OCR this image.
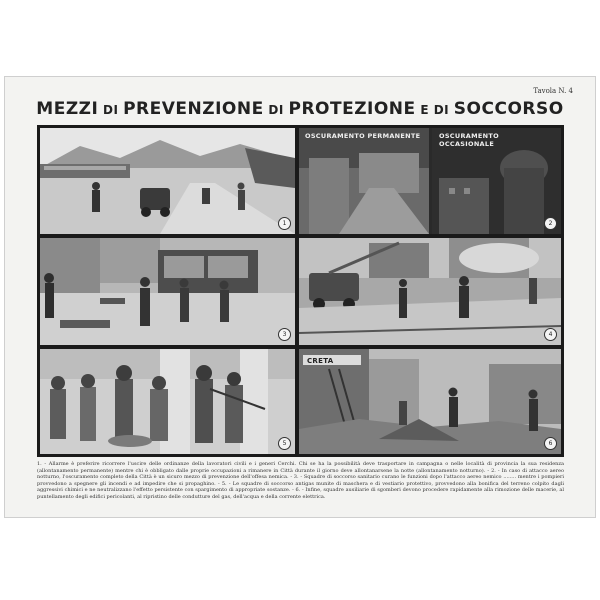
Tavola N. 4
MEZZI DI PREVENZIONE DI PROTEZIONE E DI SOCCORSO
1
OSCURAMENTO PERMANENTE	OSCURAMENTO OCCASIONALE
2
3	4
5
CRETA
6
1. - Allarme è preferire ricorrere l'uscire delle ordinanze della lavoratori civili e i generi Cerchi. Chi se ha la possibilità deve trasportare in campagna o nelle località di provincia la sua residenza (allontanamento permanente) mentre chi è obbligato dalle proprie occupazioni a rimanere in Città durante il giorno deve allontanarsene la notte (allontanamento notturno). - 2. - In caso di attacco aereo notturno, l'oscuramento completo della Città è un sicuro mezzo di prevenzione dell'offesa nemica. - 3. - Squadre di soccorso sanitario curano le funzioni dopo l'attacco aereo nemico ........ mentre i pompieri provvedono a spegnere gli incendi e ad impedire che si propaghino. - 5. - Le squadre di soccorso antigas munite di maschera e di vestiario protettivo, provvedono alla bonifica del terreno colpito dagli aggressivi chimici e ne neutralizzano l'effetto persistente con spargimento di appropriate sostanze. - 6. - Infine, squadre ausiliarie di sgomberi devono procedere rapidamente alla rimozione delle macerie, al puntellamento degli edifici pericolanti, al ripristino delle condutture del gas, dell'acqua e della corrente elettrica.
